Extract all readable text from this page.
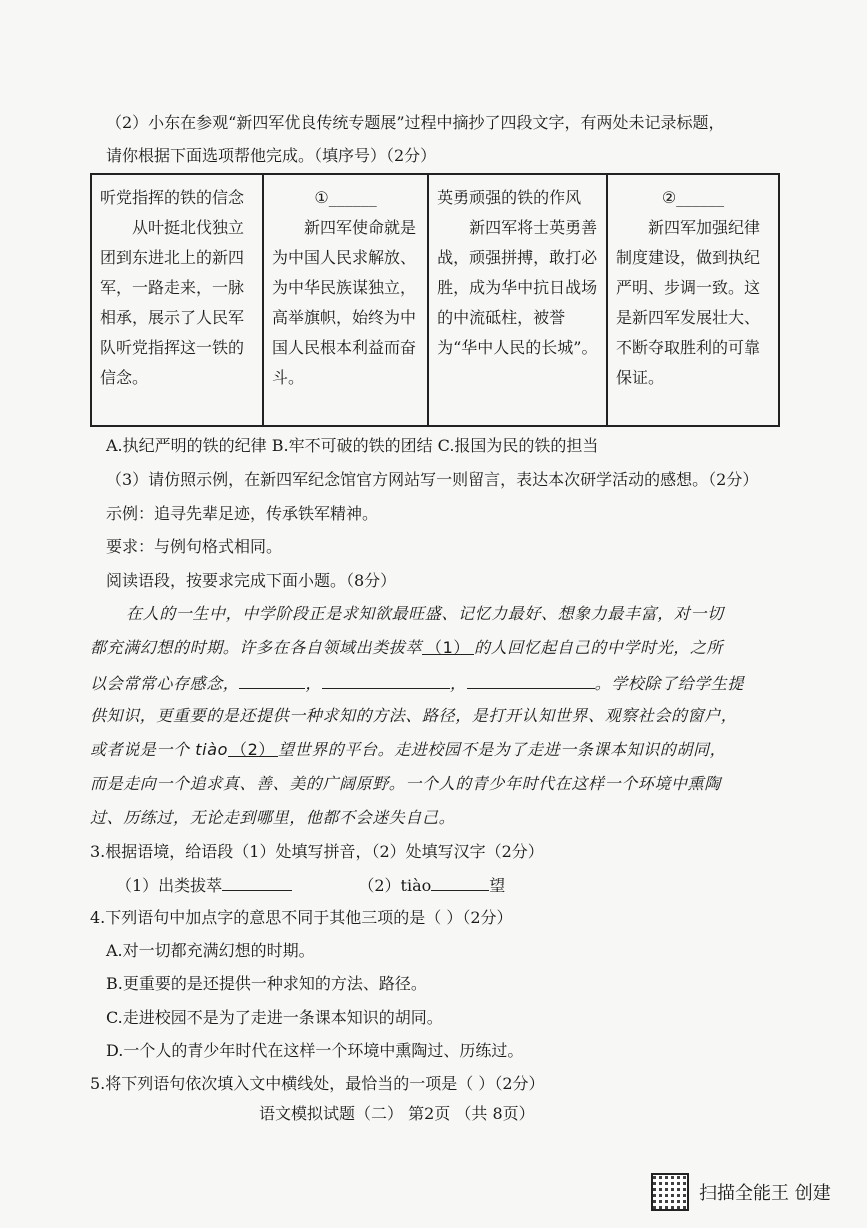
（2）小东在参观“新四军优良传统专题展”过程中摘抄了四段文字，有两处未记录标题，
请你根据下面选项帮他完成。（填序号）（2分）
听党指挥的铁的信念
从叶挺北伐独立团到东进北上的新四军，一路走来，一脉相承，展示了人民军队听党指挥这一铁的信念。

①______
新四军使命就是为中国人民求解放、为中华民族谋独立，高举旗帜，始终为中国人民根本利益而奋斗。

英勇顽强的铁的作风
新四军将士英勇善战，顽强拼搏，敢打必胜，成为华中抗日战场的中流砥柱，被誉为“华中人民的长城”。

②______
新四军加强纪律制度建设，做到执纪严明、步调一致。这是新四军发展壮大、不断夺取胜利的可靠保证。
A.执纪严明的铁的纪律 B.牢不可破的铁的团结 C.报国为民的铁的担当
（3）请仿照示例，在新四军纪念馆官方网站写一则留言，表达本次研学活动的感想。（2分）
示例：追寻先辈足迹，传承铁军精神。
要求：与例句格式相同。
阅读语段，按要求完成下面小题。（8分）
在人的一生中，中学阶段正是求知欲最旺盛、记忆力最好、想象力最丰富，对一切
都充满幻想的时期。许多在各自领域出类拔萃 （1） 的人回忆起自己的中学时光，之所
以会常常心存感念，	，	，	。学校除了给学生提
供知识，更重要的是还提供一种求知的方法、路径，是打开认知世界、观察社会的窗户，
或者说是一个 tiào （2） 望世界的平台。走进校园不是为了走进一条课本知识的胡同，
而是走向一个追求真、善、美的广阔原野。一个人的青少年时代在这样一个环境中熏陶
过、历练过，无论走到哪里，他都不会迷失自己。
3.根据语境，给语段（1）处填写拼音，（2）处填写汉字（2分）
（1）出类拔萃	（2）tiào	望
4.下列语句中加点字的意思不同于其他三项的是（ ）（2分）
A.对一切都充满幻想的时期。
B.更重要的是还提供一种求知的方法、路径。
C.走进校园不是为了走进一条课本知识的胡同。
D.一个人的青少年时代在这样一个环境中熏陶过、历练过。
5.将下列语句依次填入文中横线处，最恰当的一项是（ ）（2分）
语文模拟试题（二） 第2页 （共 8页）
扫描全能王 创建
